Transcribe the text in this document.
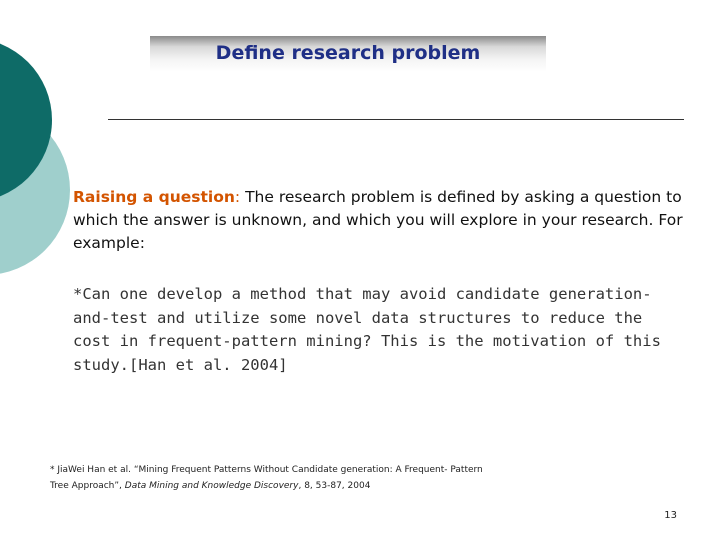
Define research problem
Raising a question: The research problem is defined by asking a question to which the answer is unknown, and which you will explore in your research. For example:
*Can one develop a method that may avoid candidate generation-and-test and utilize some novel data structures to reduce the cost in frequent-pattern mining? This is the motivation of this study.[Han et al. 2004]
* JiaWei Han et al. “Mining Frequent Patterns Without Candidate generation: A Frequent- Pattern
Tree Approach”, Data Mining and Knowledge Discovery, 8, 53-87, 2004
13
